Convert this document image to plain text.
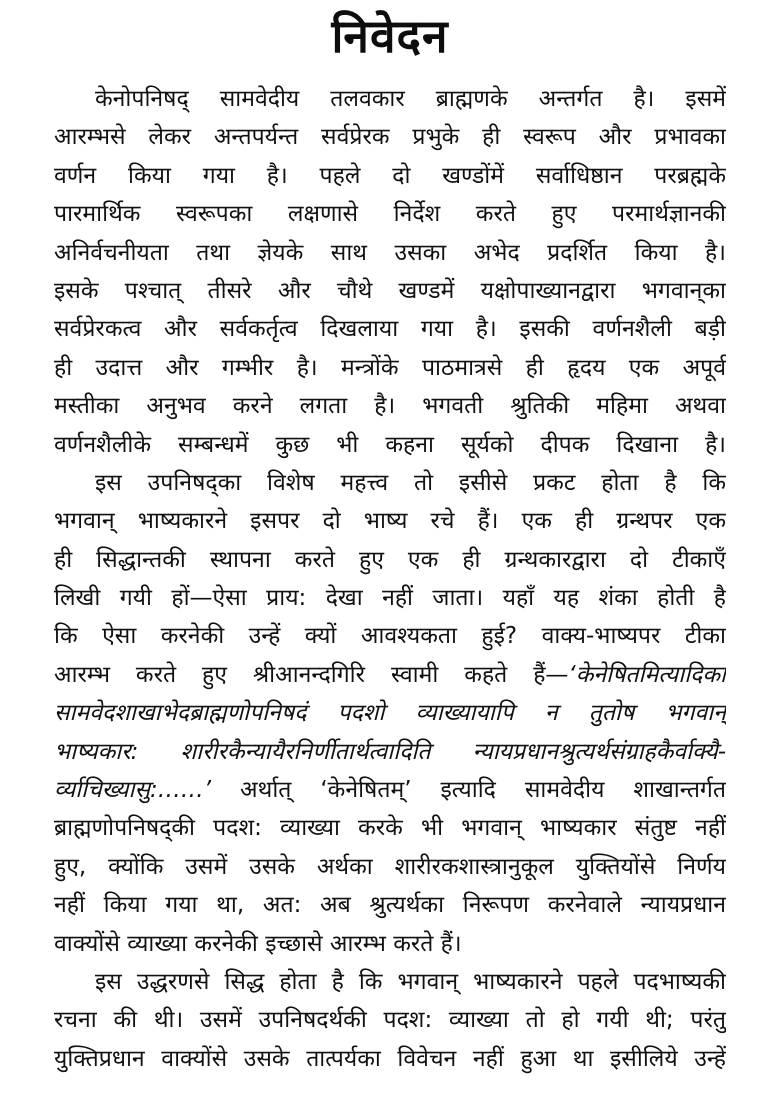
निवेदन
केनोपनिषद् सामवेदीय तलवकार ब्राह्मणके अन्तर्गत है। इसमें
आरम्भसे लेकर अन्तपर्यन्त सर्वप्रेरक प्रभुके ही स्वरूप और प्रभावका
वर्णन किया गया है। पहले दो खण्डोंमें सर्वाधिष्ठान परब्रह्मके
पारमार्थिक स्वरूपका लक्षणासे निर्देश करते हुए परमार्थज्ञानकी
अनिर्वचनीयता तथा ज्ञेयके साथ उसका अभेद प्रदर्शित किया है।
इसके पश्चात् तीसरे और चौथे खण्डमें यक्षोपाख्यानद्वारा भगवान्‌का
सर्वप्रेरकत्व और सर्वकर्तृत्व दिखलाया गया है। इसकी वर्णनशैली बड़ी
ही उदात्त और गम्भीर है। मन्त्रोंके पाठमात्रसे ही हृदय एक अपूर्व
मस्तीका अनुभव करने लगता है। भगवती श्रुतिकी महिमा अथवा
वर्णनशैलीके सम्बन्धमें कुछ भी कहना सूर्यको दीपक दिखाना है।
इस उपनिषद्‌का विशेष महत्त्व तो इसीसे प्रकट होता है कि
भगवान् भाष्यकारने इसपर दो भाष्य रचे हैं। एक ही ग्रन्थपर एक
ही सिद्धान्तकी स्थापना करते हुए एक ही ग्रन्थकारद्वारा दो टीकाएँ
लिखी गयी हों—ऐसा प्राय: देखा नहीं जाता। यहाँ यह शंका होती है
कि ऐसा करनेकी उन्हें क्यों आवश्यकता हुई? वाक्य-भाष्यपर टीका
आरम्भ करते हुए श्रीआनन्दगिरि स्वामी कहते हैं—‘केनेषितमित्यादिकां
सामवेदशाखाभेदब्राह्मणोपनिषदं पदशो व्याख्यायापि न तुतोष भगवान्
भाष्यकार: शारीरकैन्यायैरनिर्णीतार्थत्वादिति न्यायप्रधानश्रुत्यर्थसंग्राहकैर्वाक्यै-
र्व्याचिख्यासु:……’ अर्थात् ‘केनेषितम्’ इत्यादि सामवेदीय शाखान्तर्गत
ब्राह्मणोपनिषद्‌की पदश: व्याख्या करके भी भगवान् भाष्यकार संतुष्ट नहीं
हुए, क्योंकि उसमें उसके अर्थका शारीरकशास्त्रानुकूल युक्तियोंसे निर्णय
नहीं किया गया था, अत: अब श्रुत्यर्थका निरूपण करनेवाले न्यायप्रधान
वाक्योंसे व्याख्या करनेकी इच्छासे आरम्भ करते हैं।
इस उद्धरणसे सिद्ध होता है कि भगवान् भाष्यकारने पहले पदभाष्यकी
रचना की थी। उसमें उपनिषदर्थकी पदश: व्याख्या तो हो गयी थी; परंतु
युक्तिप्रधान वाक्योंसे उसके तात्पर्यका विवेचन नहीं हुआ था इसीलिये उन्हें
